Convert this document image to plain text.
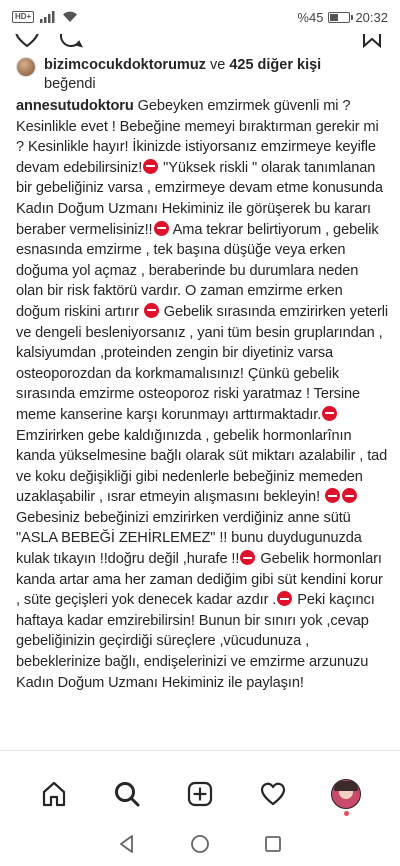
HD+	%45 20:32
bizimcocukdoktorumuz ve 425 diğer kişi
beğendi
annesutudoktoru Gebeyken emzirmek güvenli mi ? Kesinlikle evet ! Bebeğine memeyi bıraktırman gerekir mi ? Kesinlikle hayır! İkinizde istiyorsanız emzirmeye keyifle devam edebilirsiniz! "Yüksek riskli " olarak tanımlanan bir gebeliğiniz varsa , emzirmeye devam etme konusunda Kadın Doğum Uzmanı Hekiminiz ile görüşerek bu kararı beraber vermelisiniz!! Ama tekrar belirtiyorum , gebelik esnasında emzirme , tek başına düşüğe veya erken doğuma yol açmaz , beraberinde bu durumlara neden olan bir risk faktörü vardır. O zaman emzirme erken doğum riskini artırır  Gebelik sırasında emzirirken yeterli ve dengeli besleniyorsanız , yani tüm besin gruplarından , kalsiyumdan ,proteinden zengin bir diyetiniz varsa osteoporozdan da korkmamalısınız! Çünkü gebelik sırasında emzirme osteoporoz riski yaratmaz ! Tersine meme kanserine karşı korunmayı arttırmaktadır. Emzirirken gebe kaldığınızda , gebelik hormonlarînın kanda yükselmesine bağlı olarak süt miktarı azalabilir , tad ve koku değişikliği gibi nedenlerle bebeğiniz memeden uzaklaşabilir , ısrar etmeyin alışmasını bekleyin!  Gebesiniz bebeğinizi emzirirken verdiğiniz anne sütü "ASLA BEBEĞİ ZEHİRLEMEZ" !! bunu duydugunuzda kulak tıkayın !!doğru değil ,hurafe !! Gebelik hormonları kanda artar ama her zaman dediğim gibi süt kendini korur , süte geçişleri yok denecek kadar azdır . Peki kaçıncı haftaya kadar emzirebilirsin! Bunun bir sınırı yok ,cevap gebeliğinizin geçirdiği süreçlere ,vücudunuza , bebeklerinize bağlı, endişelerinizi ve emzirme arzunuzu Kadın Doğum Uzmanı Hekiminiz ile paylaşın!
